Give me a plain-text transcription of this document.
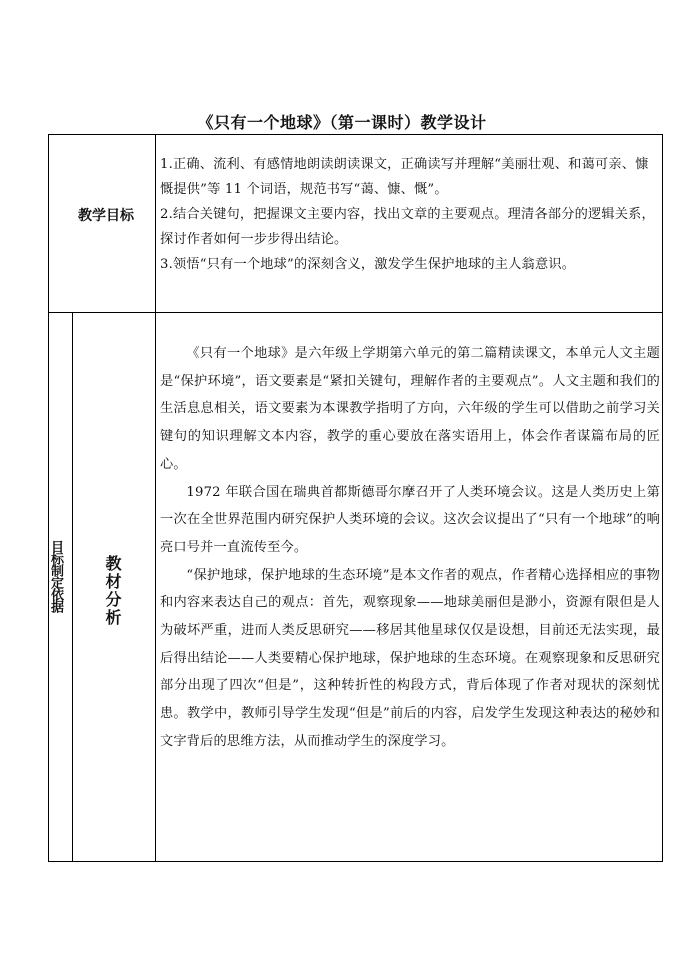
《只有一个地球》（第一课时）教学设计
教学目标

1.正确、流利、有感情地朗读朗读课文，正确读写并理解“美丽壮观、和蔼可亲、慷慨提供”等 11 个词语，规范书写“蔼、慷、慨”。

2.结合关键句，把握课文主要内容，找出文章的主要观点。理清各部分的逻辑关系，探讨作者如何一步步得出结论。

3.领悟“只有一个地球”的深刻含义，激发学生保护地球的主人翁意识。

目标制定依据	教材分析

《只有一个地球》是六年级上学期第六单元的第二篇精读课文，本单元人文主题是“保护环境”，语文要素是“紧扣关键句，理解作者的主要观点”。人文主题和我们的生活息息相关，语文要素为本课教学指明了方向，六年级的学生可以借助之前学习关键句的知识理解文本内容，教学的重心要放在落实语用上，体会作者谋篇布局的匠心。

1972 年联合国在瑞典首都斯德哥尔摩召开了人类环境会议。这是人类历史上第一次在全世界范围内研究保护人类环境的会议。这次会议提出了“只有一个地球”的响亮口号并一直流传至今。

“保护地球，保护地球的生态环境”是本文作者的观点，作者精心选择相应的事物和内容来表达自己的观点：首先，观察现象——地球美丽但是渺小，资源有限但是人为破坏严重，进而人类反思研究——移居其他星球仅仅是设想，目前还无法实现，最后得出结论——人类要精心保护地球，保护地球的生态环境。在观察现象和反思研究部分出现了四次“但是”，这种转折性的构段方式，背后体现了作者对现状的深刻忧患。教学中，教师引导学生发现“但是”前后的内容，启发学生发现这种表达的秘妙和文字背后的思维方法，从而推动学生的深度学习。
